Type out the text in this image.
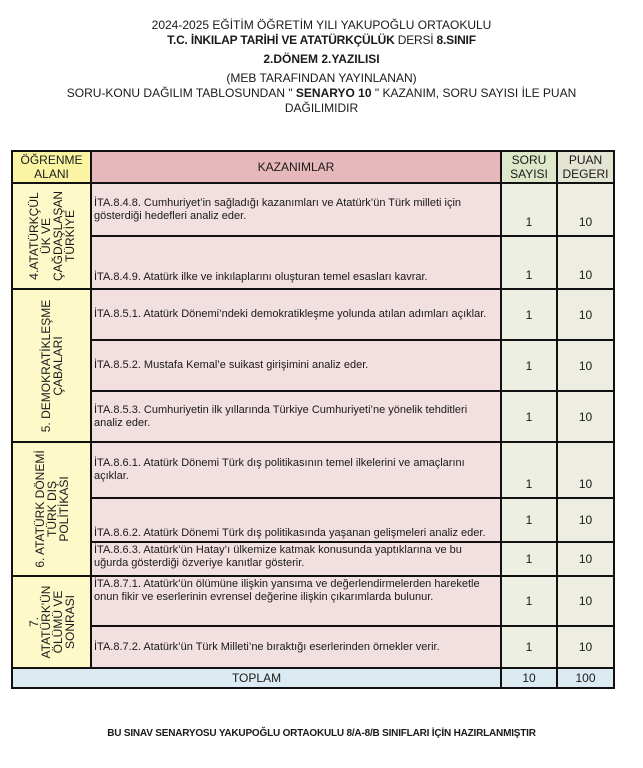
2024-2025 EĞİTİM ÖĞRETİM YILI YAKUPOĞLU ORTAOKULU
T.C. İNKILAP TARİHİ VE ATATÜRKÇÜLÜK DERSİ 8.SINIF
2.DÖNEM 2.YAZILISI
(MEB TARAFINDAN YAYINLANAN)
SORU-KONU DAĞILIM TABLOSUNDAN " SENARYO 10 " KAZANIM, SORU SAYISI İLE PUAN
DAĞILIMIDIR
ÖĞRENME
ALANI	KAZANIMLAR	SORU
SAYISI	PUAN
DEGERI

4.ATATÜRKÇÜL
ÜK VE
ÇAĞDAŞLAŞAN
TÜRKİYE	İTA.8.4.8. Cumhuriyet’in sağladığı kazanımları ve Atatürk’ün Türk milleti için gösterdiği hedefleri analiz eder.	1	10
	İTA.8.4.9. Atatürk ilke ve inkılaplarını oluşturan temel esasları kavrar.	1	10

5. DEMOKRATİKLEŞME
ÇABALARI	İTA.8.5.1. Atatürk Dönemi’ndeki demokratikleşme yolunda atılan adımları açıklar.	1	10
	İTA.8.5.2. Mustafa Kemal’e suikast girişimini analiz eder.	1	10
	İTA.8.5.3. Cumhuriyetin ilk yıllarında Türkiye Cumhuriyeti’ne yönelik tehditleri analiz eder.	1	10

6. ATATÜRK DÖNEMİ
TÜRK DIŞ
POLİTİKASI	İTA.8.6.1. Atatürk Dönemi Türk dış politikasının temel ilkelerini ve amaçlarını açıklar.	1	10
	İTA.8.6.2. Atatürk Dönemi Türk dış politikasında yaşanan gelişmeleri analiz eder.	1	10
	İTA.8.6.3. Atatürk’ün Hatay’ı ülkemize katmak konusunda yaptıklarına ve bu uğurda gösterdiği özveriye kanıtlar gösterir.	1	10

7.
ATATÜRK'ÜN
ÖLÜMÜ VE
SONRASI	İTA.8.7.1. Atatürk’ün ölümüne ilişkin yansıma ve değerlendirmelerden hareketle onun fikir ve eserlerinin evrensel değerine ilişkin çıkarımlarda bulunur.	1	10
	İTA.8.7.2. Atatürk’ün Türk Milleti’ne bıraktığı eserlerinden örnekler verir.	1	10
TOPLAM		10	100
BU SINAV SENARYOSU YAKUPOĞLU ORTAOKULU 8/A-8/B SINIFLARI İÇİN HAZIRLANMIŞTIR
